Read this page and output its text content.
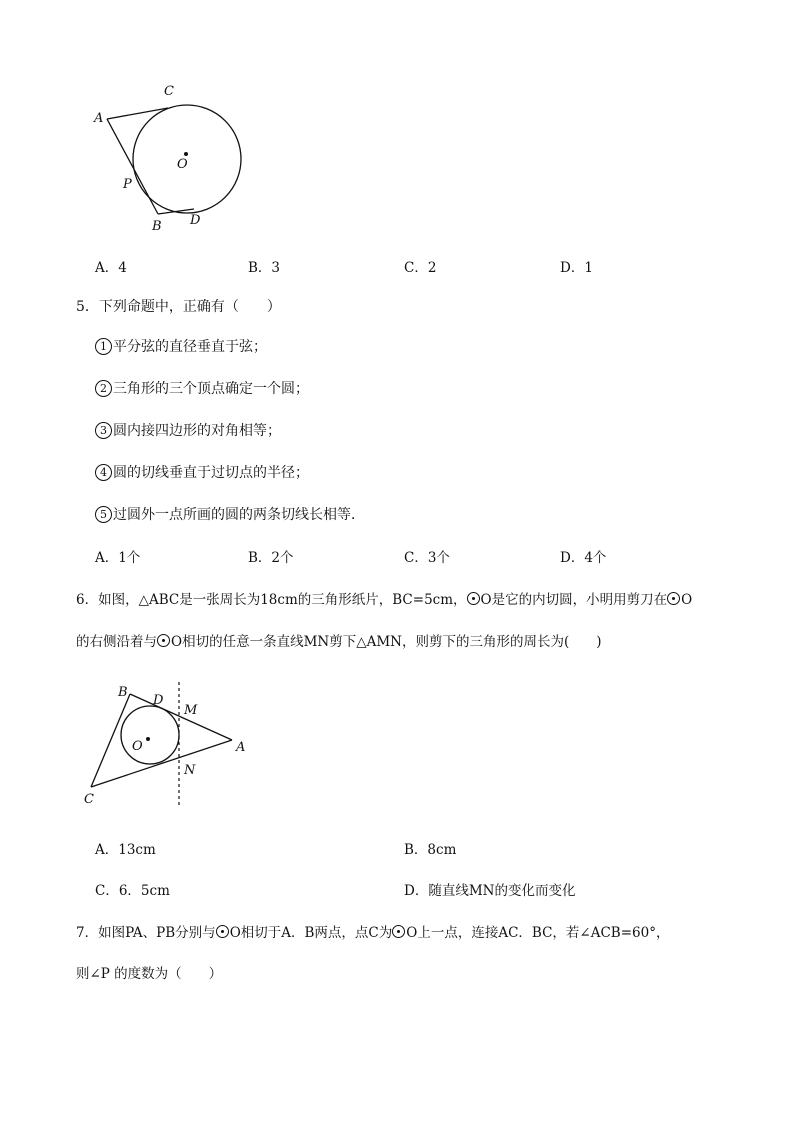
A
C
O
P
B D
A．4	B．3	C．2	D．1
5．下列命题中，正确有（　　）
1 平分弦的直径垂直于弦；
2 三角形的三个顶点确定一个圆；
3 圆内接四边形的对角相等；
4 圆的切线垂直于过切点的半径；
5 过圆外一点所画的圆的两条切线长相等．
A．1个	B．2个	C．3个	D．4个
6．如图，△ABC是一张周长为18cm的三角形纸片，BC=5cm， O是它的内切圆，小明用剪刀在 O
的右侧沿着与 O相切的任意一条直线MN剪下△AMN，则剪下的三角形的周长为(　　)
B
D
M
O	A
N
C
A．13cm	B．8cm
C．6．5cm	D．随直线MN的变化而变化
7．如图PA、PB分别与 O相切于A．B两点，点C为 O上一点，连接AC．BC，若∠ACB=60°，
则∠P 的度数为（　　）
